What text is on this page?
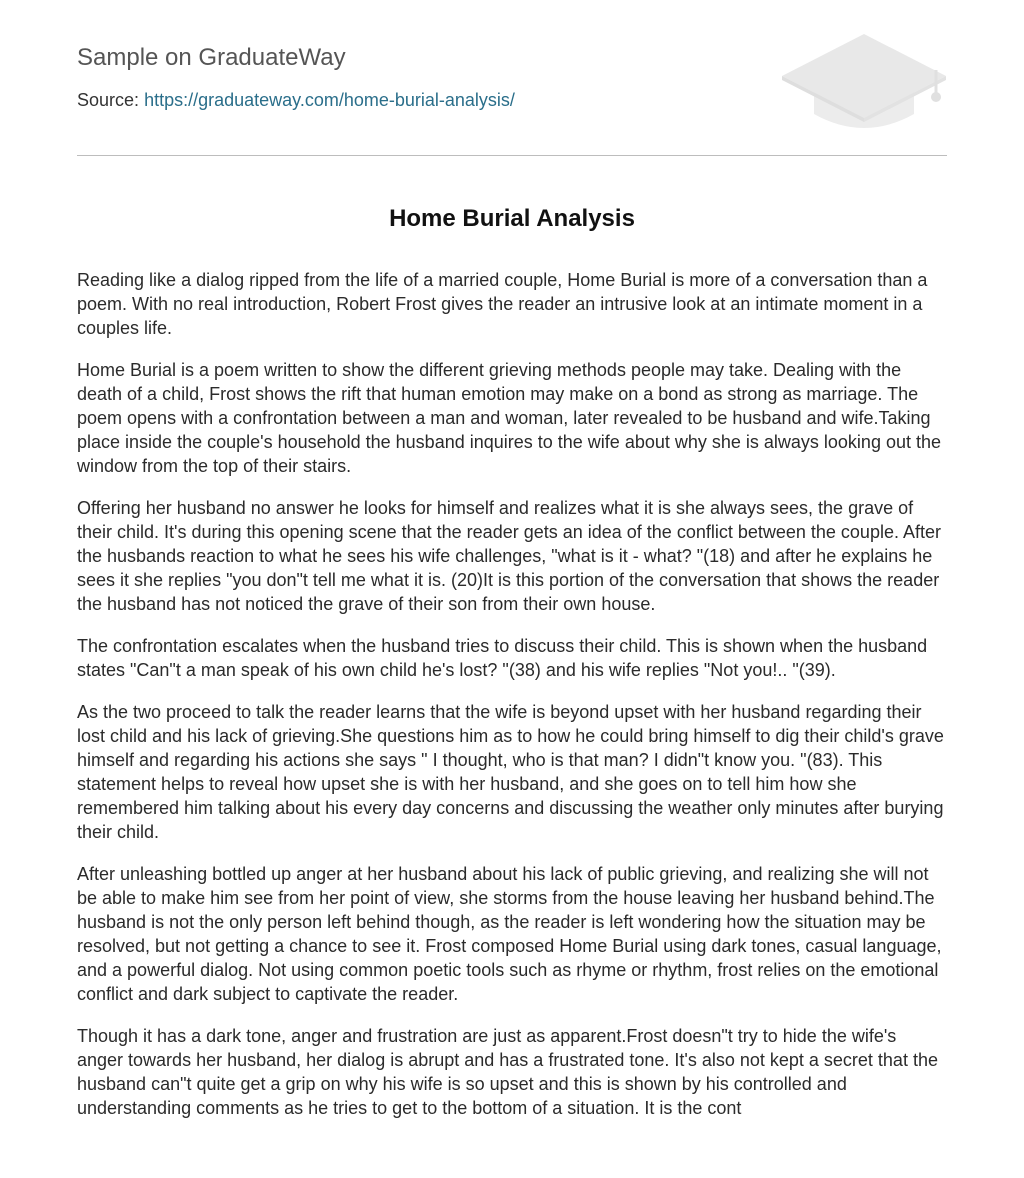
Sample on GraduateWay
Source: https://graduateway.com/home-burial-analysis/
Home Burial Analysis

Reading like a dialog ripped from the life of a married couple, Home Burial is more of a conversation than a poem. With no real introduction, Robert Frost gives the reader an intrusive look at an intimate moment in a couples life.

Home Burial is a poem written to show the different grieving methods people may take. Dealing with the death of a child, Frost shows the rift that human emotion may make on a bond as strong as marriage. The poem opens with a confrontation between a man and woman, later revealed to be husband and wife.Taking place inside the couple's household the husband inquires to the wife about why she is always looking out the window from the top of their stairs.

Offering her husband no answer he looks for himself and realizes what it is she always sees, the grave of their child. It's during this opening scene that the reader gets an idea of the conflict between the couple. After the husbands reaction to what he sees his wife challenges, "what is it - what? "(18) and after he explains he sees it she replies "you don"t tell me what it is. (20)It is this portion of the conversation that shows the reader the husband has not noticed the grave of their son from their own house.

The confrontation escalates when the husband tries to discuss their child. This is shown when the husband states "Can"t a man speak of his own child he's lost? "(38) and his wife replies "Not you!.. "(39).

As the two proceed to talk the reader learns that the wife is beyond upset with her husband regarding their lost child and his lack of grieving.She questions him as to how he could bring himself to dig their child's grave himself and regarding his actions she says " I thought, who is that man? I didn"t know you. "(83). This statement helps to reveal how upset she is with her husband, and she goes on to tell him how she remembered him talking about his every day concerns and discussing the weather only minutes after burying their child.

After unleashing bottled up anger at her husband about his lack of public grieving, and realizing she will not be able to make him see from her point of view, she storms from the house leaving her husband behind.The husband is not the only person left behind though, as the reader is left wondering how the situation may be resolved, but not getting a chance to see it. Frost composed Home Burial using dark tones, casual language, and a powerful dialog. Not using common poetic tools such as rhyme or rhythm, frost relies on the emotional conflict and dark subject to captivate the reader.

Though it has a dark tone, anger and frustration are just as apparent.Frost doesn"t try to hide the wife's anger towards her husband, her dialog is abrupt and has a frustrated tone. It's also not kept a secret that the husband can"t quite get a grip on why his wife is so upset and this is shown by his controlled and understanding comments as he tries to get to the bottom of a situation. It is the cont
